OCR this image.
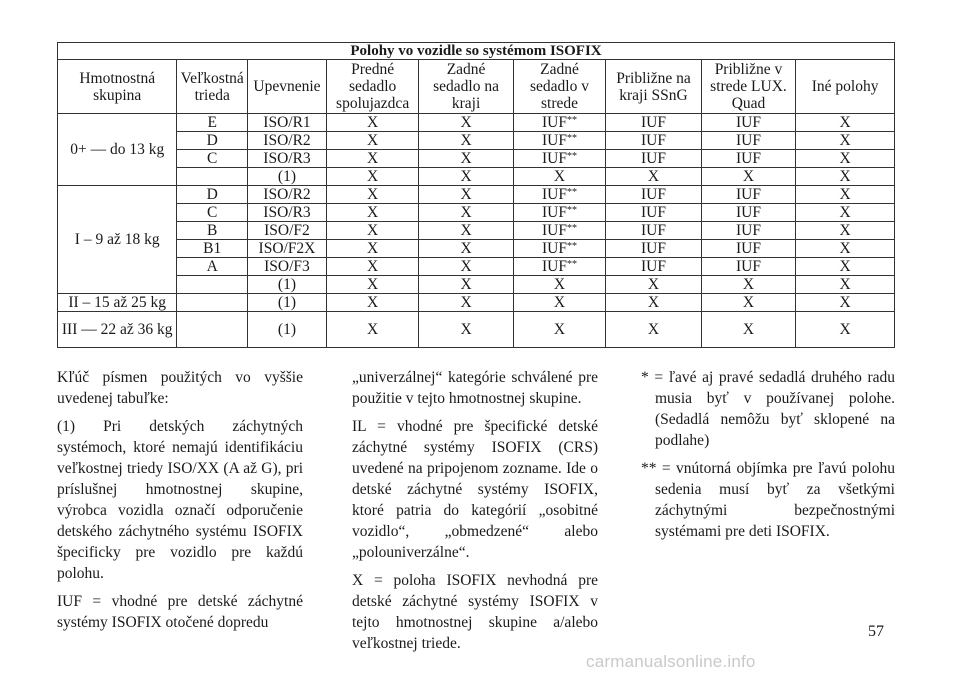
Polohy vo vozidle so systémom ISOFIX								
Hmotnostná skupina	Veľkostná trieda	Upevnenie	Predné sedadlo spolujazdca	Zadné sedadlo na kraji	Zadné sedadlo v strede	Približne na kraji SSnG	Približne v strede LUX. Quad	Iné polohy
0+ — do 13 kg	E	ISO/R1	X	X	IUF**	IUF	IUF	X
	D	ISO/R2	X	X	IUF**	IUF	IUF	X
	C	ISO/R3	X	X	IUF**	IUF	IUF	X
		(1)	X	X	X	X	X	X
I – 9 až 18 kg	D	ISO/R2	X	X	IUF**	IUF	IUF	X
	C	ISO/R3	X	X	IUF**	IUF	IUF	X
	B	ISO/F2	X	X	IUF**	IUF	IUF	X
	B1	ISO/F2X	X	X	IUF**	IUF	IUF	X
	A	ISO/F3	X	X	IUF**	IUF	IUF	X
		(1)	X	X	X	X	X	X
II – 15 až 25 kg		(1)	X	X	X	X	X	X
III — 22 až 36 kg		(1)	X	X	X	X	X	X

Kľúč písmen použitých vo vyššie uvedenej tabuľke:

(1) Pri detských záchytných systémoch, ktoré nemajú identifikáciu veľkostnej triedy ISO/XX (A až G), pri príslušnej hmotnostnej skupine, výrobca vozidla označí odporučenie detského záchytného systému ISOFIX špecificky pre vozidlo pre každú polohu.

IUF = vhodné pre detské záchytné systémy ISOFIX otočené dopredu

„univerzálnej“ kategórie schválené pre použitie v tejto hmotnostnej skupine.

IL = vhodné pre špecifické detské záchytné systémy ISOFIX (CRS) uvedené na pripojenom zozname. Ide o detské záchytné systémy ISOFIX, ktoré patria do kategórií „osobitné vozidlo“, „obmedzené“ alebo „polouniverzálne“.

X = poloha ISOFIX nevhodná pre detské záchytné systémy ISOFIX v tejto hmotnostnej skupine a/alebo veľkostnej triede.

* = ľavé aj pravé sedadlá druhého radu musia byť v používanej polohe. (Sedadlá nemôžu byť sklopené na podlahe)

** = vnútorná objímka pre ľavú polohu sedenia musí byť za všetkými záchytnými bezpečnostnými systémami pre deti ISOFIX.

57
carmanualsonline.info
